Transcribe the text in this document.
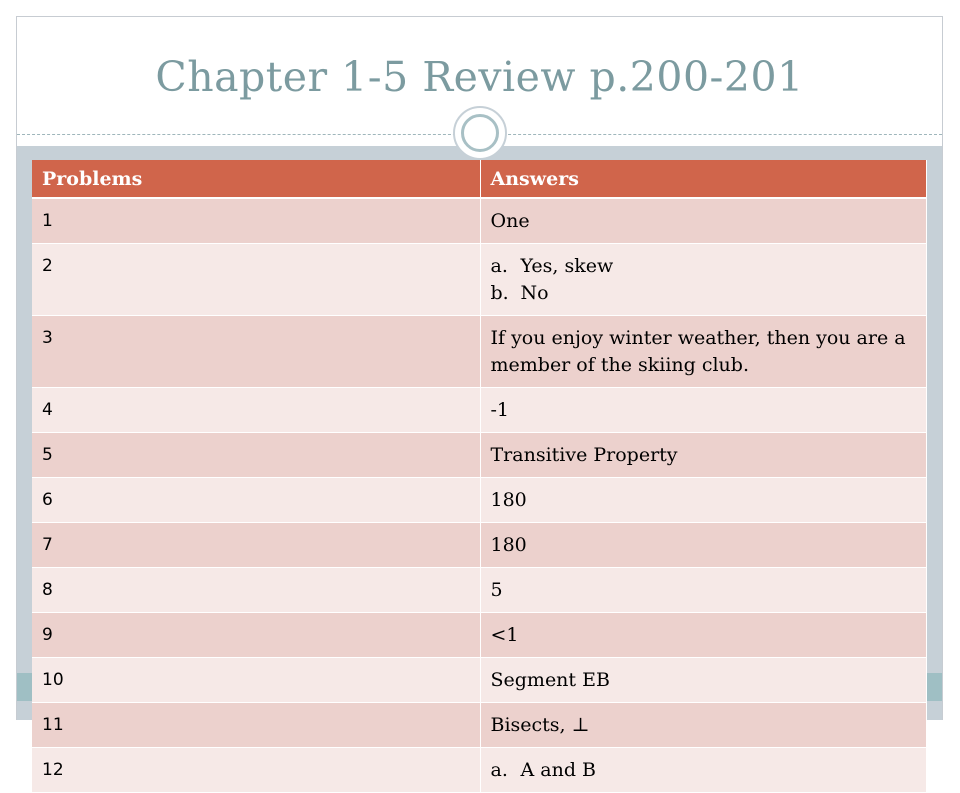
Chapter 1-5 Review p.200-201
Problems	Answers
1	One
2	a. Yes, skew
b. No

3	If you enjoy winter weather, then you are a member of the skiing club.
4	-1
5	Transitive Property
6	180
7	180
8	5
9	<1
10	Segment EB
11	Bisects, ⊥
12	a. A and B
